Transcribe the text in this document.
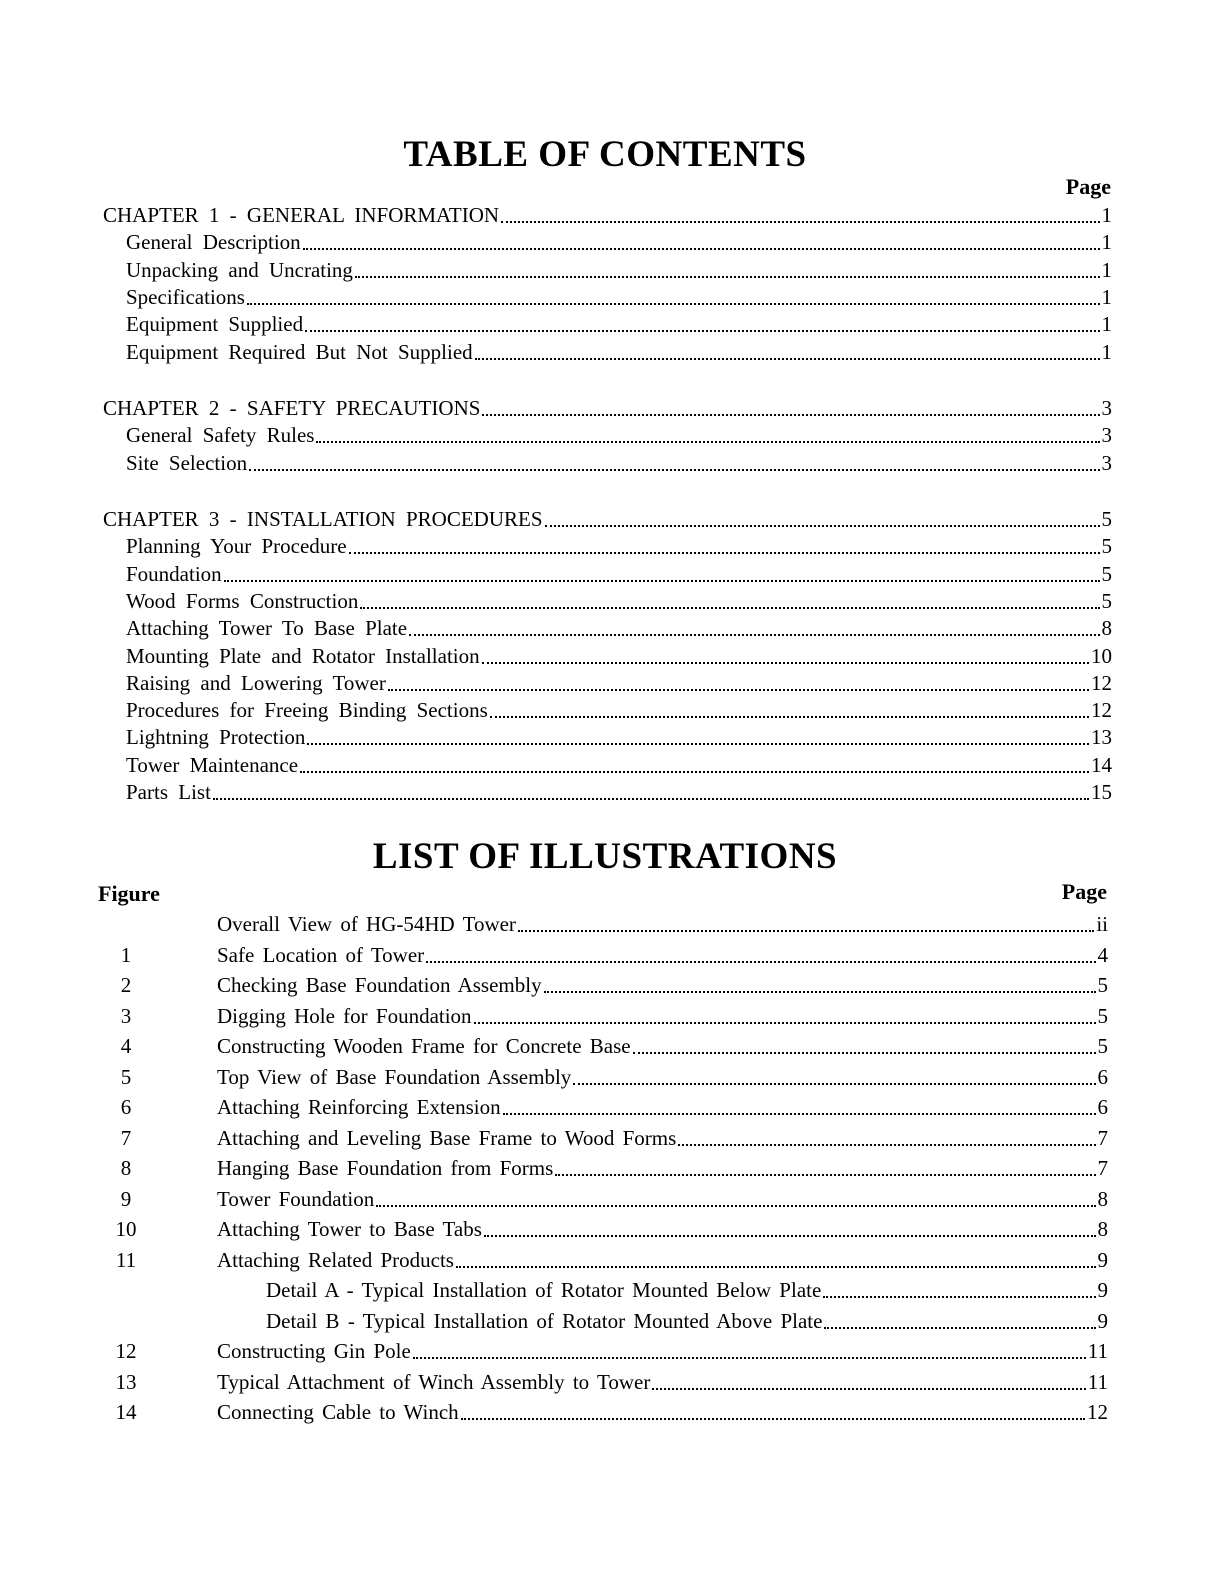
TABLE OF CONTENTS
Page
CHAPTER 1 - GENERAL INFORMATION	1
General Description	1
Unpacking and Uncrating	1
Specifications	1
Equipment Supplied	1
Equipment Required But Not Supplied	1
CHAPTER 2 - SAFETY PRECAUTIONS	3
General Safety Rules	3
Site Selection	3
CHAPTER 3 - INSTALLATION PROCEDURES	5
Planning Your Procedure	5
Foundation	5
Wood Forms Construction	5
Attaching Tower To Base Plate	8
Mounting Plate and Rotator Installation	10
Raising and Lowering Tower	12
Procedures for Freeing Binding Sections	12
Lightning Protection	13
Tower Maintenance	14
Parts List	15
LIST OF ILLUSTRATIONS
Figure	Page
Overall View of HG-54HD Tower	ii
1	Safe Location of Tower	4
2	Checking Base Foundation Assembly	5
3	Digging Hole for Foundation	5
4	Constructing Wooden Frame for Concrete Base	5
5	Top View of Base Foundation Assembly	6
6	Attaching Reinforcing Extension	6
7	Attaching and Leveling Base Frame to Wood Forms	7
8	Hanging Base Foundation from Forms	7
9	Tower Foundation	8
10	Attaching Tower to Base Tabs	8
11	Attaching Related Products	9
Detail A - Typical Installation of Rotator Mounted Below Plate	9
Detail B - Typical Installation of Rotator Mounted Above Plate	9
12	Constructing Gin Pole	11
13	Typical Attachment of Winch Assembly to Tower	11
14	Connecting Cable to Winch	12
